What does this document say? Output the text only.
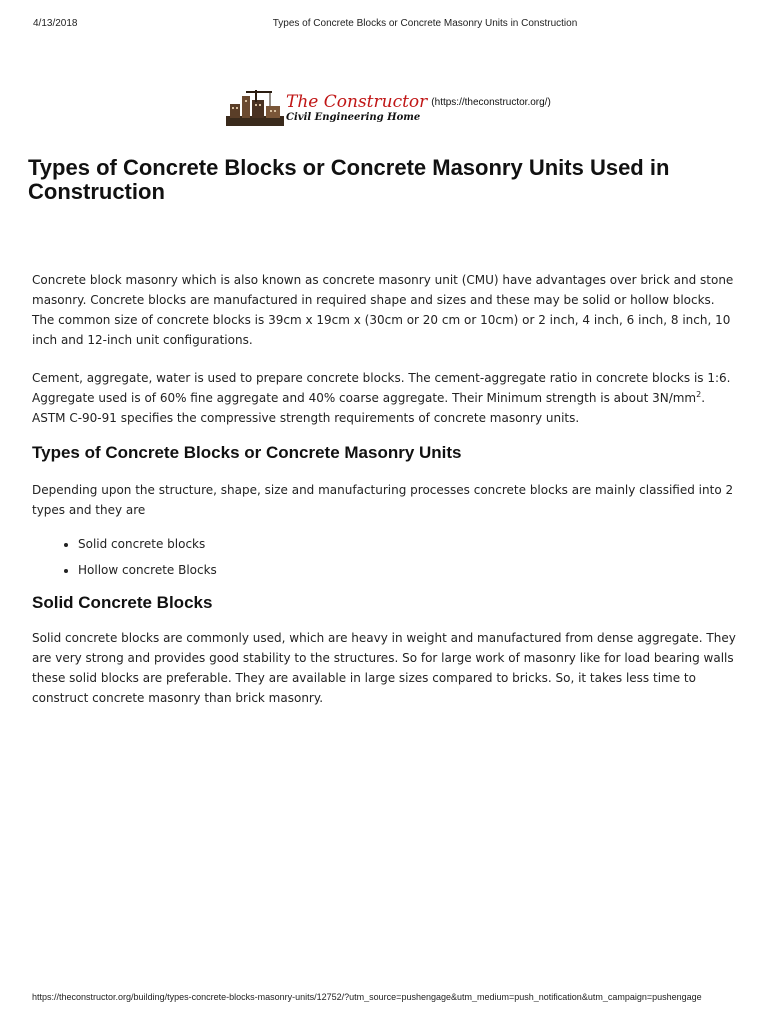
4/13/2018	Types of Concrete Blocks or Concrete Masonry Units in Construction
The Constructor
Civil Engineering Home
(https://theconstructor.org/)
Types of Concrete Blocks or Concrete Masonry Units Used in Construction

Concrete block masonry which is also known as concrete masonry unit (CMU) have advantages over brick and stone masonry. Concrete blocks are manufactured in required shape and sizes and these may be solid or hollow blocks. The common size of concrete blocks is 39cm x 19cm x (30cm or 20 cm or 10cm) or 2 inch, 4 inch, 6 inch, 8 inch, 10 inch and 12-inch unit configurations.

Cement, aggregate, water is used to prepare concrete blocks. The cement-aggregate ratio in concrete blocks is 1:6. Aggregate used is of 60% fine aggregate and 40% coarse aggregate. Their Minimum strength is about $3N/mm^2$. ASTM C-90-91 specifies the compressive strength requirements of concrete masonry units.

Types of Concrete Blocks or Concrete Masonry Units

Depending upon the structure, shape, size and manufacturing processes concrete blocks are mainly classified into 2 types and they are

• Solid concrete blocks
• Hollow concrete Blocks
Solid Concrete Blocks

Solid concrete blocks are commonly used, which are heavy in weight and manufactured from dense aggregate. They are very strong and provides good stability to the structures. So for large work of masonry like for load bearing walls these solid blocks are preferable. They are available in large sizes compared to bricks. So, it takes less time to construct concrete masonry than brick masonry.

https://theconstructor.org/building/types-concrete-blocks-masonry-units/12752/?utm_source=pushengage&utm_medium=push_notification&utm_campaign=pushengage
